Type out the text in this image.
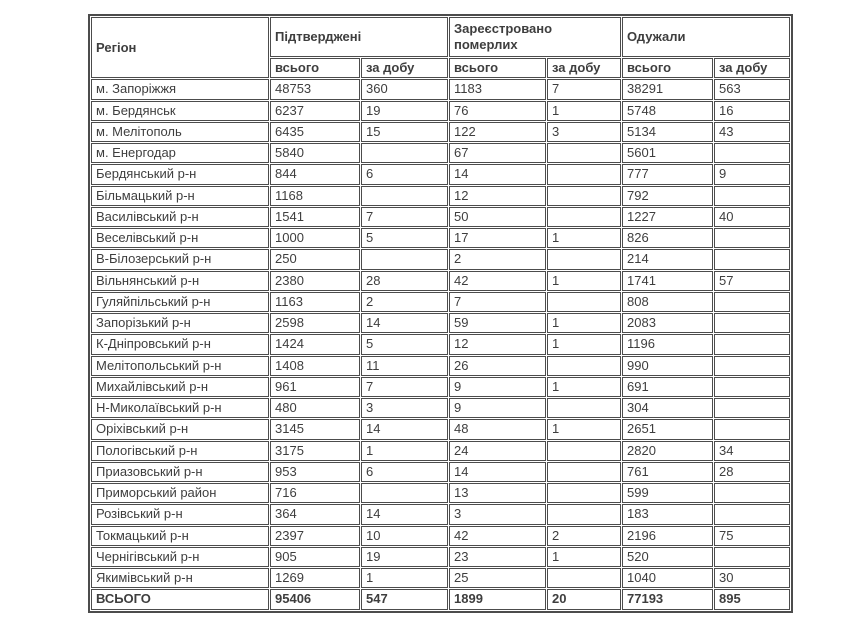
Регіон	Підтверджені		Зареєстровано померлих		Одужали	
	всього	за добу	всього	за добу	всього	за добу
м. Запоріжжя	48753	360	1183	7	38291	563
м. Бердянськ	6237	19	76	1	5748	16
м. Мелітополь	6435	15	122	3	5134	43
м. Енергодар	5840		67		5601	
Бердянський р-н	844	6	14		777	9
Більмацький р-н	1168		12		792	
Василівський р-н	1541	7	50		1227	40
Веселівський р-н	1000	5	17	1	826	
В-Білозерський р-н	250		2		214	
Вільнянський р-н	2380	28	42	1	1741	57
Гуляйпільський р-н	1163	2	7		808	
Запорізький р-н	2598	14	59	1	2083	
К-Дніпровський р-н	1424	5	12	1	1196	
Мелітопольський р-н	1408	11	26		990	
Михайлівський р-н	961	7	9	1	691	
Н-Миколаївський р-н	480	3	9		304	
Оріхівський р-н	3145	14	48	1	2651	
Пологівський р-н	3175	1	24		2820	34
Приазовський р-н	953	6	14		761	28
Приморський район	716		13		599	
Розівський р-н	364	14	3		183	
Токмацький р-н	2397	10	42	2	2196	75
Чернігівський р-н	905	19	23	1	520	
Якимівський р-н	1269	1	25		1040	30
ВСЬОГО	95406	547	1899	20	77193	895
